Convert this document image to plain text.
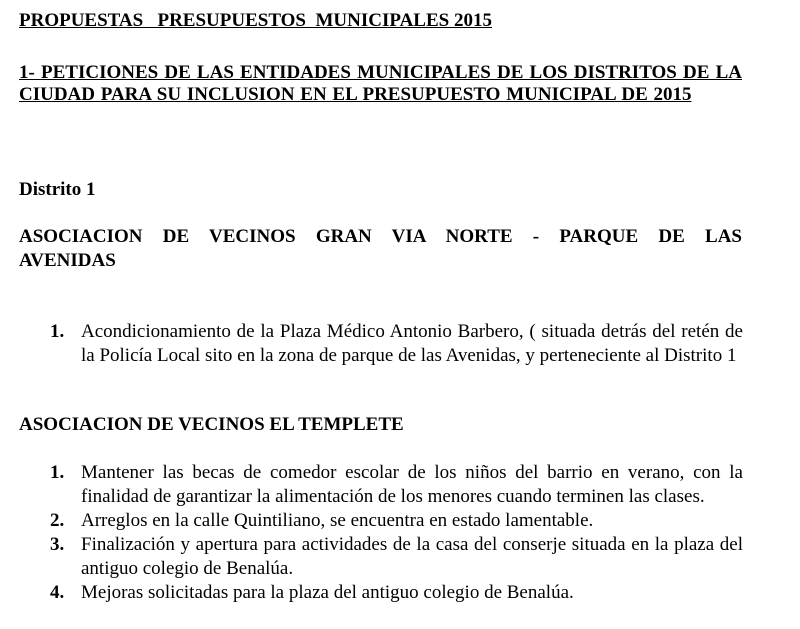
PROPUESTAS   PRESUPUESTOS  MUNICIPALES 2015
1- PETICIONES DE LAS ENTIDADES MUNICIPALES DE LOS DISTRITOS DE LA CIUDAD PARA SU INCLUSION EN EL PRESUPUESTO MUNICIPAL DE 2015
Distrito 1
ASOCIACION DE VECINOS GRAN VIA NORTE - PARQUE DE LAS AVENIDAS
1. Acondicionamiento de la Plaza Médico Antonio Barbero, ( situada detrás del retén de la Policía Local sito en la zona de parque de las Avenidas, y perteneciente al Distrito 1
ASOCIACION DE VECINOS EL TEMPLETE
1. Mantener las becas de comedor escolar de los niños del barrio en verano, con la finalidad de garantizar la alimentación de los menores cuando terminen las clases.
2. Arreglos en la calle Quintiliano, se encuentra en estado lamentable.
3. Finalización y apertura para actividades de la casa del conserje situada en la plaza del antiguo colegio de Benalúa.
4. Mejoras solicitadas para la plaza del antiguo colegio de Benalúa.
